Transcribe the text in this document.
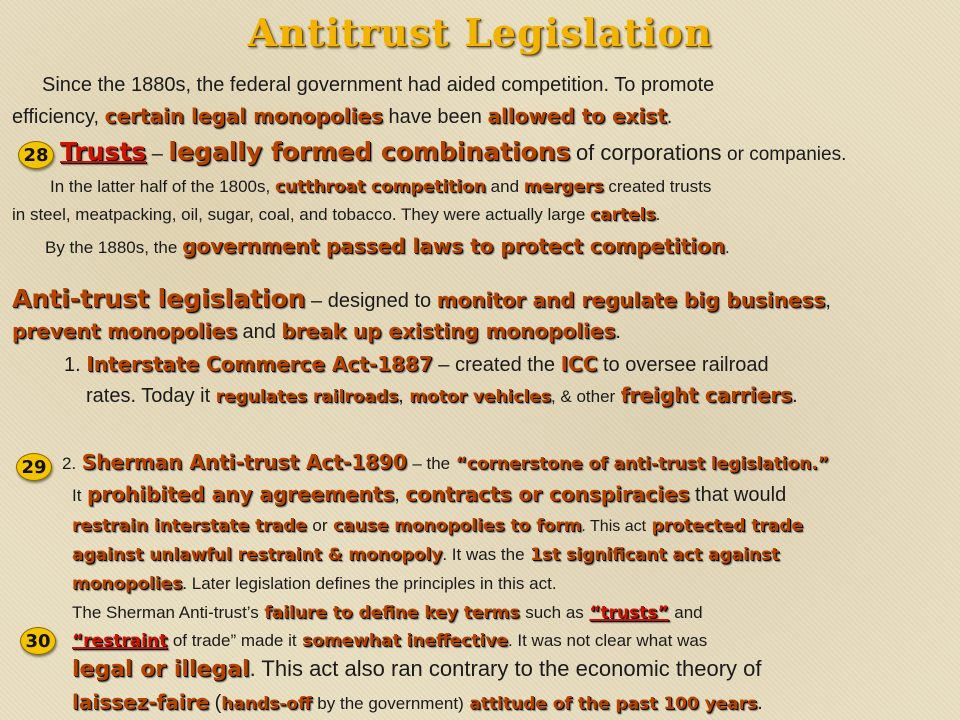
Antitrust Legislation
Since the 1880s, the federal government had aided competition. To promote
efficiency, certain legal monopolies have been allowed to exist.
28 Trusts – legally formed combinations of corporations or companies.
In the latter half of the 1800s, cutthroat competition and mergers created trusts
in steel, meatpacking, oil, sugar, coal, and tobacco. They were actually large cartels.
By the 1880s, the government passed laws to protect competition.
Anti-trust legislation – designed to monitor and regulate big business,
prevent monopolies and break up existing monopolies.
1. Interstate Commerce Act-1887 – created the ICC to oversee railroad
rates. Today it regulates railroads, motor vehicles, & other freight carriers.
29 2. Sherman Anti-trust Act-1890 – the “cornerstone of anti-trust legislation.”
It prohibited any agreements, contracts or conspiracies that would
restrain interstate trade or cause monopolies to form. This act protected trade
against unlawful restraint & monopoly. It was the 1st significant act against
monopolies. Later legislation defines the principles in this act.
The Sherman Anti-trust’s failure to define key terms such as “trusts” and
30	“restraint of trade” made it somewhat ineffective. It was not clear what was
legal or illegal. This act also ran contrary to the economic theory of
laissez-faire (hands-off by the government) attitude of the past 100 years.
